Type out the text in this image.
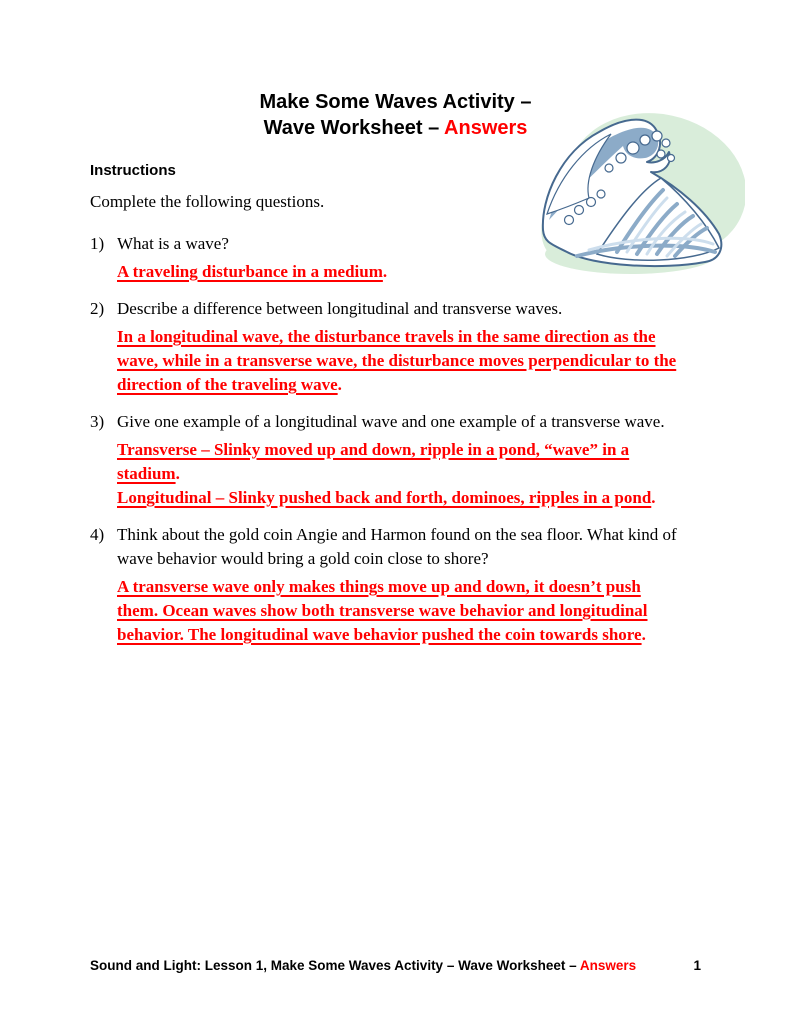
Make Some Waves Activity –
Wave Worksheet – Answers
Instructions
Complete the following questions.
1) What is a wave?
A traveling disturbance in a medium.
2) Describe a difference between longitudinal and transverse waves.
In a longitudinal wave, the disturbance travels in the same direction as the wave, while in a transverse wave, the disturbance moves perpendicular to the direction of the traveling wave.
3) Give one example of a longitudinal wave and one example of a transverse wave.
Transverse – Slinky moved up and down, ripple in a pond, “wave” in a stadium.
Longitudinal – Slinky pushed back and forth, dominoes, ripples in a pond.
4) Think about the gold coin Angie and Harmon found on the sea floor. What kind of wave behavior would bring a gold coin close to shore?
A transverse wave only makes things move up and down, it doesn’t push them. Ocean waves show both transverse wave behavior and longitudinal behavior. The longitudinal wave behavior pushed the coin towards shore.
Sound and Light: Lesson 1, Make Some Waves Activity – Wave Worksheet – Answers	1
